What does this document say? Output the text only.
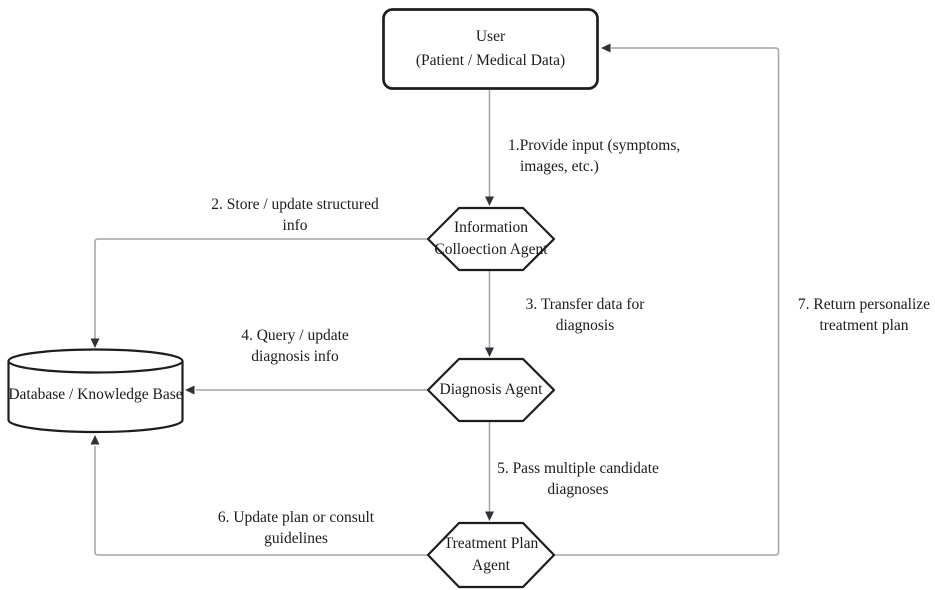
User
(Patient / Medical Data)
Information
Colloection Agent
Diagnosis Agent
Treatment Plan
Agent
Database / Knowledge Base
1.Provide input (symptoms,
images, etc.)
2. Store / update structured
info
3. Transfer data for
diagnosis
4. Query / update
diagnosis info
5. Pass multiple candidate
diagnoses
6. Update plan or consult
guidelines
7. Return personalize
treatment plan
